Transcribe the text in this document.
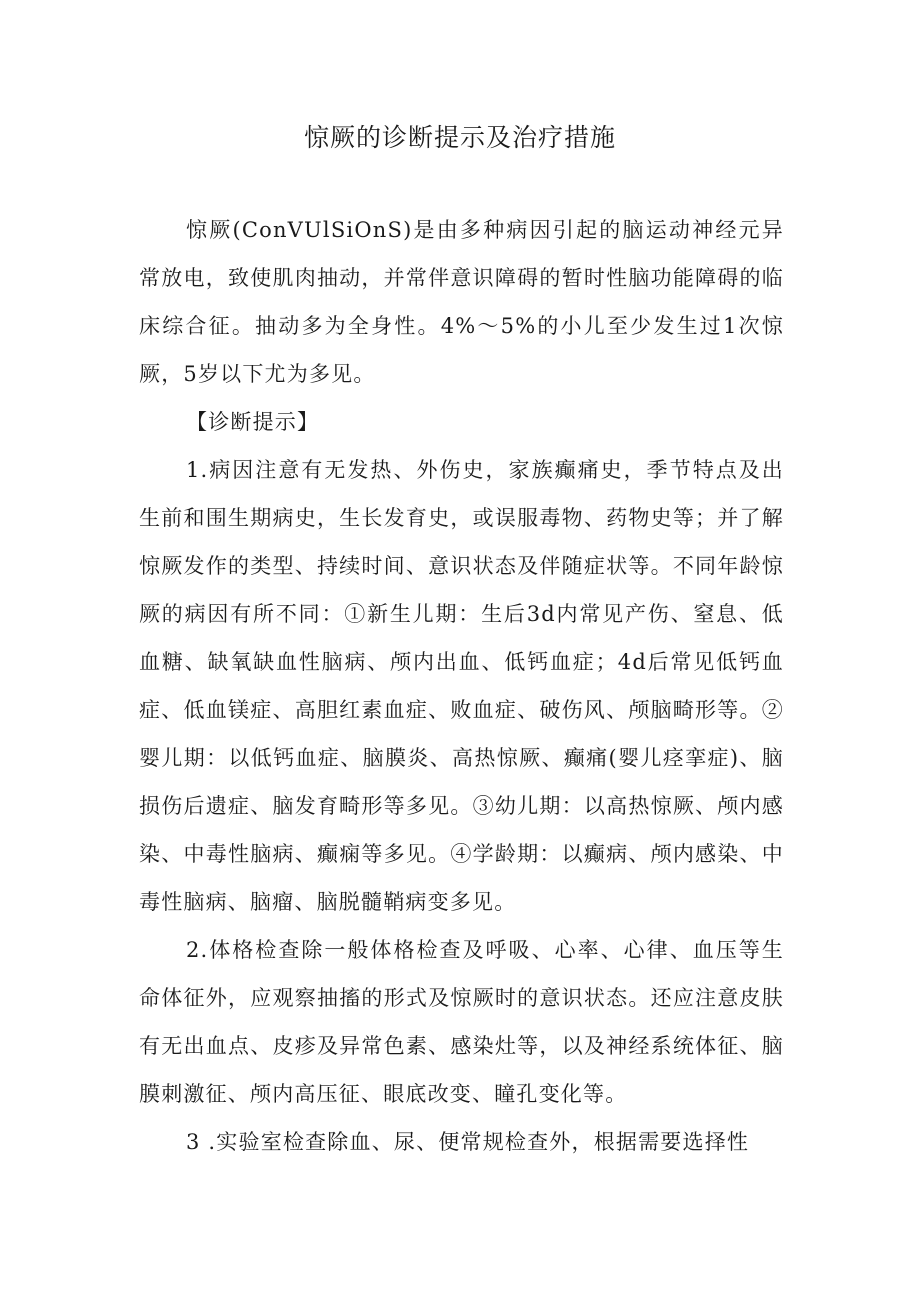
惊厥的诊断提示及治疗措施

惊厥(ConVUlSiOnS)是由多种病因引起的脑运动神经元异常放电，致使肌肉抽动，并常伴意识障碍的暂时性脑功能障碍的临床综合征。抽动多为全身性。4%～5%的小儿至少发生过1次惊厥，5岁以下尤为多见。

【诊断提示】

1.病因注意有无发热、外伤史，家族癫痛史，季节特点及出生前和围生期病史，生长发育史，或误服毒物、药物史等；并了解惊厥发作的类型、持续时间、意识状态及伴随症状等。不同年龄惊厥的病因有所不同：①新生儿期：生后3d内常见产伤、窒息、低血糖、缺氧缺血性脑病、颅内出血、低钙血症；4d后常见低钙血症、低血镁症、高胆红素血症、败血症、破伤风、颅脑畸形等。②婴儿期：以低钙血症、脑膜炎、高热惊厥、癫痛(婴儿痉挛症)、脑损伤后遗症、脑发育畸形等多见。③幼儿期：以高热惊厥、颅内感染、中毒性脑病、癫痫等多见。④学龄期：以癫病、颅内感染、中毒性脑病、脑瘤、脑脱髓鞘病变多见。

2.体格检查除一般体格检查及呼吸、心率、心律、血压等生命体征外，应观察抽搐的形式及惊厥时的意识状态。还应注意皮肤有无出血点、皮疹及异常色素、感染灶等，以及神经系统体征、脑膜刺激征、颅内高压征、眼底改变、瞳孔变化等。

3 .实验室检查除血、尿、便常规检查外，根据需要选择性
